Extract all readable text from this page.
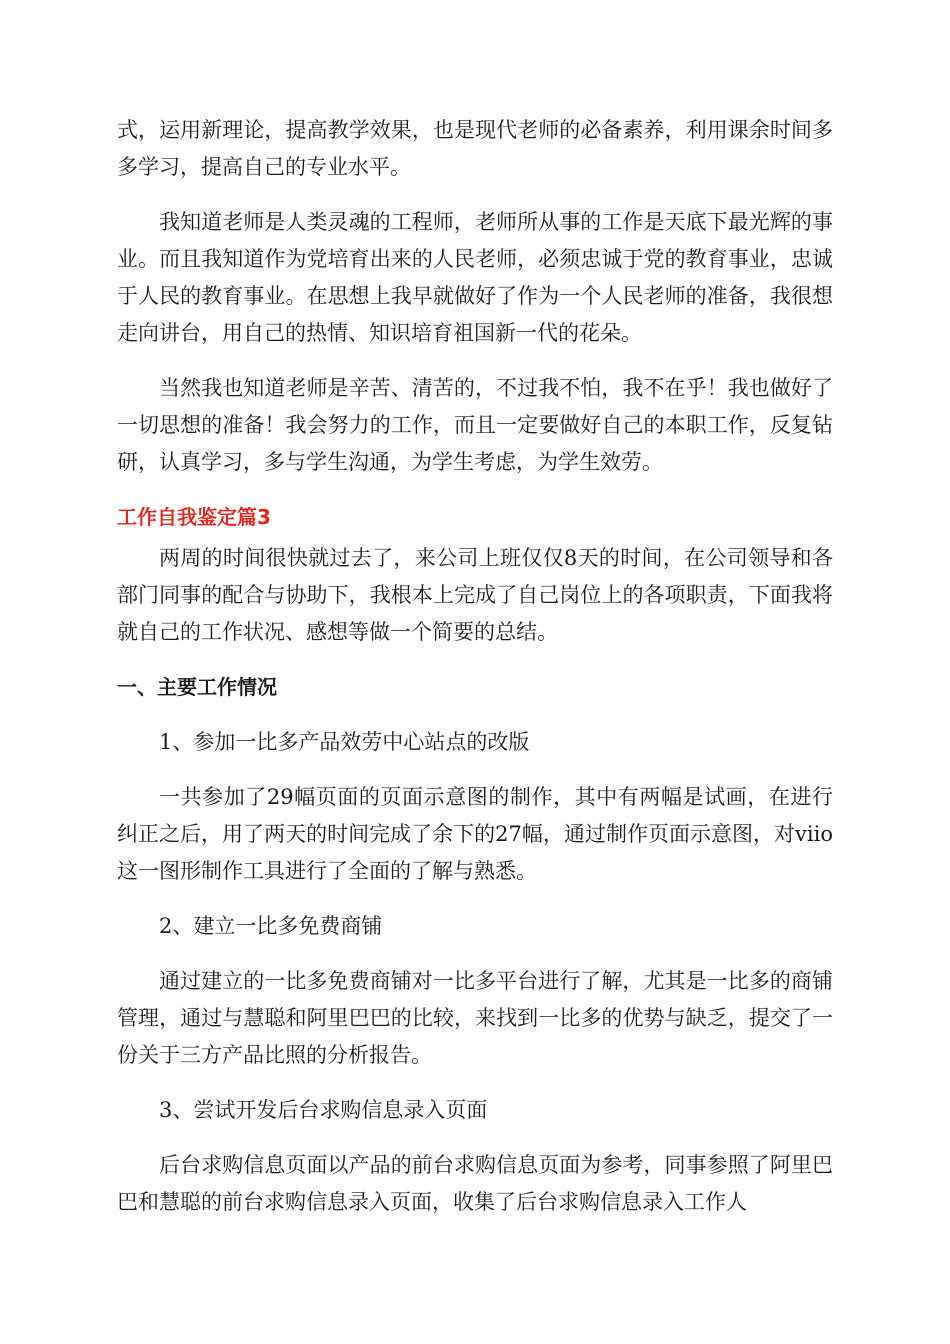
式，运用新理论，提高教学效果，也是现代老师的必备素养，利用课余时间多多学习，提高自己的专业水平。

我知道老师是人类灵魂的工程师，老师所从事的工作是天底下最光辉的事业。而且我知道作为党培育出来的人民老师，必须忠诚于党的教育事业，忠诚于人民的教育事业。在思想上我早就做好了作为一个人民老师的准备，我很想走向讲台，用自己的热情、知识培育祖国新一代的花朵。

当然我也知道老师是辛苦、清苦的，不过我不怕，我不在乎！我也做好了一切思想的准备！我会努力的工作，而且一定要做好自己的本职工作，反复钻研，认真学习，多与学生沟通，为学生考虑，为学生效劳。

工作自我鉴定篇3

两周的时间很快就过去了，来公司上班仅仅8天的时间，在公司领导和各部门同事的配合与协助下，我根本上完成了自己岗位上的各项职责，下面我将就自己的工作状况、感想等做一个简要的总结。

一、主要工作情况

1、参加一比多产品效劳中心站点的改版

一共参加了29幅页面的页面示意图的制作，其中有两幅是试画，在进行纠正之后，用了两天的时间完成了余下的27幅，通过制作页面示意图，对viio这一图形制作工具进行了全面的了解与熟悉。

2、建立一比多免费商铺

通过建立的一比多免费商铺对一比多平台进行了解，尤其是一比多的商铺管理，通过与慧聪和阿里巴巴的比较，来找到一比多的优势与缺乏，提交了一份关于三方产品比照的分析报告。

3、尝试开发后台求购信息录入页面

后台求购信息页面以产品的前台求购信息页面为参考，同事参照了阿里巴巴和慧聪的前台求购信息录入页面，收集了后台求购信息录入工作人
